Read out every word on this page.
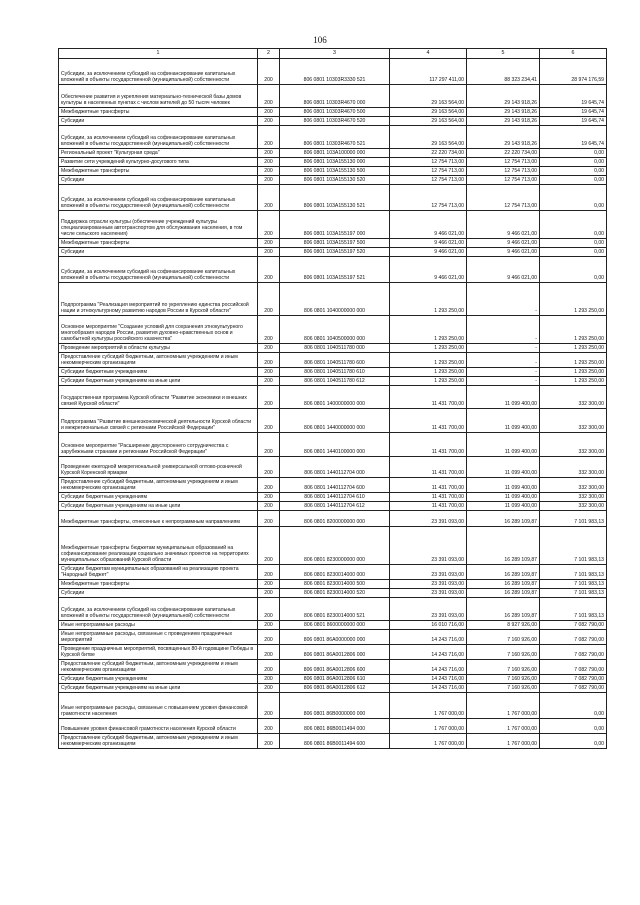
106
1	2	3	4	5	6
Субсидии, за исключением субсидий на софинансирование капитальных вложений в объекты государственной (муниципальной) собственности	200	806 0801 10303R3330 521	117 297 411,00	88 323 234,41	28 974 176,59
Обеспечение развития и укрепления материально-технической базы домов культуры в населенных пунктах с числом жителей до 50 тысяч человек	200	806 0801 10303R4670 000	29 163 564,00	29 143 918,26	19 645,74
Межбюджетные трансферты	200	806 0801 10303R4670 500	29 163 564,00	29 143 918,26	19 645,74
Субсидии	200	806 0801 10303R4670 520	29 163 564,00	29 143 918,26	19 645,74
Субсидии, за исключением субсидий на софинансирование капитальных вложений в объекты государственной (муниципальной) собственности	200	806 0801 10303R4670 521	29 163 564,00	29 143 918,26	19 645,74
Региональный проект "Культурная среда"	200	806 0801 103A100000 000	22 220 734,00	22 220 734,00	0,00
Развитие сети учреждений культурно-досугового типа	200	806 0801 103A155130 000	12 754 713,00	12 754 713,00	0,00
Межбюджетные трансферты	200	806 0801 103A155130 500	12 754 713,00	12 754 713,00	0,00
Субсидии	200	806 0801 103A155130 520	12 754 713,00	12 754 713,00	0,00
Субсидии, за исключением субсидий на софинансирование капитальных вложений в объекты государственной (муниципальной) собственности	200	806 0801 103A155130 521	12 754 713,00	12 754 713,00	0,00
Поддержка отрасли культуры (обеспечение учреждений культуры специализированным автотранспортом для обслуживания населения, в том числе сельского населения)	200	806 0801 103A155197 000	9 466 021,00	9 466 021,00	0,00
Межбюджетные трансферты	200	806 0801 103A155197 500	9 466 021,00	9 466 021,00	0,00
Субсидии	200	806 0801 103A155197 520	9 466 021,00	9 466 021,00	0,00
Субсидии, за исключением субсидий на софинансирование капитальных вложений в объекты государственной (муниципальной) собственности	200	806 0801 103A155197 521	9 466 021,00	9 466 021,00	0,00
Подпрограмма "Реализация мероприятий по укреплению единства российской нации и этнокультурному развитию народов России в Курской области"	200	806 0801 1040000000 000	1 293 250,00	-	1 293 250,00
Основное мероприятие "Создание условий для сохранения этнокультурного многообразия народов России, развития духовно-нравственных основ и самобытной культуры российского казачества"	200	806 0801 1040500000 000	1 293 250,00	-	1 293 250,00
Проведение мероприятий в области культуры	200	806 0801 1040511780 000	1 293 250,00	-	1 293 250,00
Предоставление субсидий бюджетным, автономным учреждениям и иным некоммерческим организациям	200	806 0801 1040511780 600	1 293 250,00	-	1 293 250,00
Субсидии бюджетным учреждениям	200	806 0801 1040511780 610	1 293 250,00	-	1 293 250,00
Субсидии бюджетным учреждениям на иные цели	200	806 0801 1040511780 612	1 293 250,00	-	1 293 250,00
Государственная программа Курской области "Развитие экономики и внешних связей Курской области"	200	806 0801 1400000000 000	11 431 700,00	11 099 400,00	332 300,00
Подпрограмма "Развитие внешнеэкономической деятельности Курской области и межрегиональных связей с регионами Российской Федерации"	200	806 0801 1440000000 000	11 431 700,00	11 099 400,00	332 300,00
Основное мероприятие "Расширение двустороннего сотрудничества с зарубежными странами и регионами Российской Федерации"	200	806 0801 1440100000 000	11 431 700,00	11 099 400,00	332 300,00
Проведение ежегодной межрегиональной универсальной оптово-розничной Курской Коренской ярмарки	200	806 0801 1440112704 000	11 431 700,00	11 099 400,00	332 300,00
Предоставление субсидий бюджетным, автономным учреждениям и иным некоммерческим организациям	200	806 0801 1440112704 600	11 431 700,00	11 099 400,00	332 300,00
Субсидии бюджетным учреждениям	200	806 0801 1440112704 610	11 431 700,00	11 099 400,00	332 300,00
Субсидии бюджетным учреждениям на иные цели	200	806 0801 1440112704 612	11 431 700,00	11 099 400,00	332 300,00
Межбюджетные трансферты, отнесенные к непрограммным направлениям	200	806 0801 8200000000 000	23 391 093,00	16 289 109,87	7 101 983,13
Межбюджетные трансферты бюджетам муниципальных образований на софинансирование реализации социально значимых проектов на территориях муниципальных образований Курской области	200	806 0801 8230000000 000	23 391 093,00	16 289 109,87	7 101 983,13
Субсидии бюджетам муниципальных образований на реализацию проекта "Народный бюджет"	200	806 0801 8230014000 000	23 391 093,00	16 289 109,87	7 101 983,13
Межбюджетные трансферты	200	806 0801 8230014000 500	23 391 093,00	16 289 109,87	7 101 983,13
Субсидии	200	806 0801 8230014000 520	23 391 093,00	16 289 109,87	7 101 983,13
Субсидии, за исключением субсидий на софинансирование капитальных вложений в объекты государственной (муниципальной) собственности	200	806 0801 8230014000 521	23 391 093,00	16 289 109,87	7 101 983,13
Иные непрограммные расходы	200	806 0801 8600000000 000	16 010 716,00	8 927 926,00	7 082 790,00
Иные непрограммные расходы, связанные с проведением праздничных мероприятий	200	806 0801 86A0000000 000	14 243 716,00	7 160 926,00	7 082 790,00
Проведение праздничных мероприятий, посвященных 80-й годовщине Победы в Курской битве	200	806 0801 86A0012806 000	14 243 716,00	7 160 926,00	7 082 790,00
Предоставление субсидий бюджетным, автономным учреждениям и иным некоммерческим организациям	200	806 0801 86A0012806 600	14 243 716,00	7 160 926,00	7 082 790,00
Субсидии бюджетным учреждениям	200	806 0801 86A0012806 610	14 243 716,00	7 160 926,00	7 082 790,00
Субсидии бюджетным учреждениям на иные цели	200	806 0801 86A0012806 612	14 243 716,00	7 160 926,00	7 082 790,00
Иные непрограммные расходы, связанные с повышением уровня финансовой грамотности населения	200	806 0801 86B0000000 000	1 767 000,00	1 767 000,00	0,00
Повышение уровня финансовой грамотности населения Курской области	200	806 0801 86B0011494 000	1 767 000,00	1 767 000,00	0,00
Предоставление субсидий бюджетным, автономным учреждениям и иным некоммерческим организациям	200	806 0801 86B0011494 600	1 767 000,00	1 767 000,00	0,00
